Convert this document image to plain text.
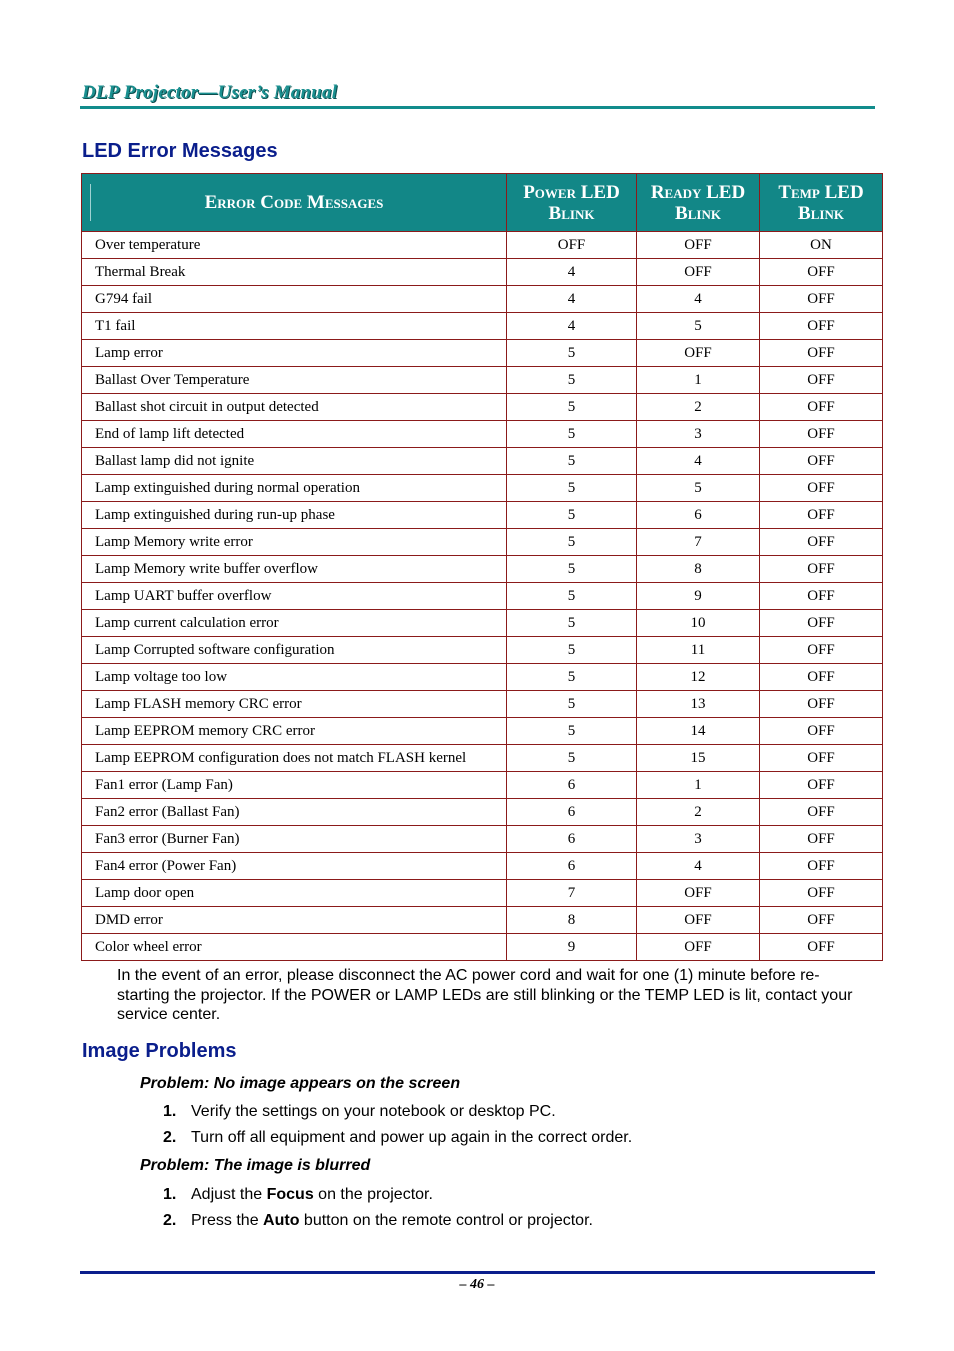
DLP Projector—User’s Manual
LED Error Messages
Error Code Messages	Power LED Blink	Ready LED Blink	Temp LED Blink

Over temperature	OFF	OFF	ON
Thermal Break	4	OFF	OFF
G794 fail	4	4	OFF
T1 fail	4	5	OFF
Lamp error	5	OFF	OFF
Ballast Over Temperature	5	1	OFF
Ballast shot circuit in output detected	5	2	OFF
End of lamp lift detected	5	3	OFF
Ballast lamp did not ignite	5	4	OFF
Lamp extinguished during normal operation	5	5	OFF
Lamp extinguished during run-up phase	5	6	OFF
Lamp Memory write error	5	7	OFF
Lamp Memory write buffer overflow	5	8	OFF
Lamp UART buffer overflow	5	9	OFF
Lamp current calculation error	5	10	OFF
Lamp Corrupted software configuration	5	11	OFF
Lamp voltage too low	5	12	OFF
Lamp FLASH memory CRC error	5	13	OFF
Lamp EEPROM memory CRC error	5	14	OFF
Lamp EEPROM configuration does not match FLASH kernel	5	15	OFF
Fan1 error (Lamp Fan)	6	1	OFF
Fan2 error (Ballast Fan)	6	2	OFF
Fan3 error (Burner Fan)	6	3	OFF
Fan4 error (Power Fan)	6	4	OFF
Lamp door open	7	OFF	OFF
DMD error	8	OFF	OFF
Color wheel error	9	OFF	OFF
In the event of an error, please disconnect the AC power cord and wait for one (1) minute before re-starting the projector. If the POWER or LAMP LEDs are still blinking or the TEMP LED is lit, contact your service center.
Image Problems

Problem: No image appears on the screen

1. Verify the settings on your notebook or desktop PC.
2. Turn off all equipment and power up again in the correct order.

Problem: The image is blurred

1. Adjust the Focus on the projector.
2. Press the Auto button on the remote control or projector.
– 46 –
